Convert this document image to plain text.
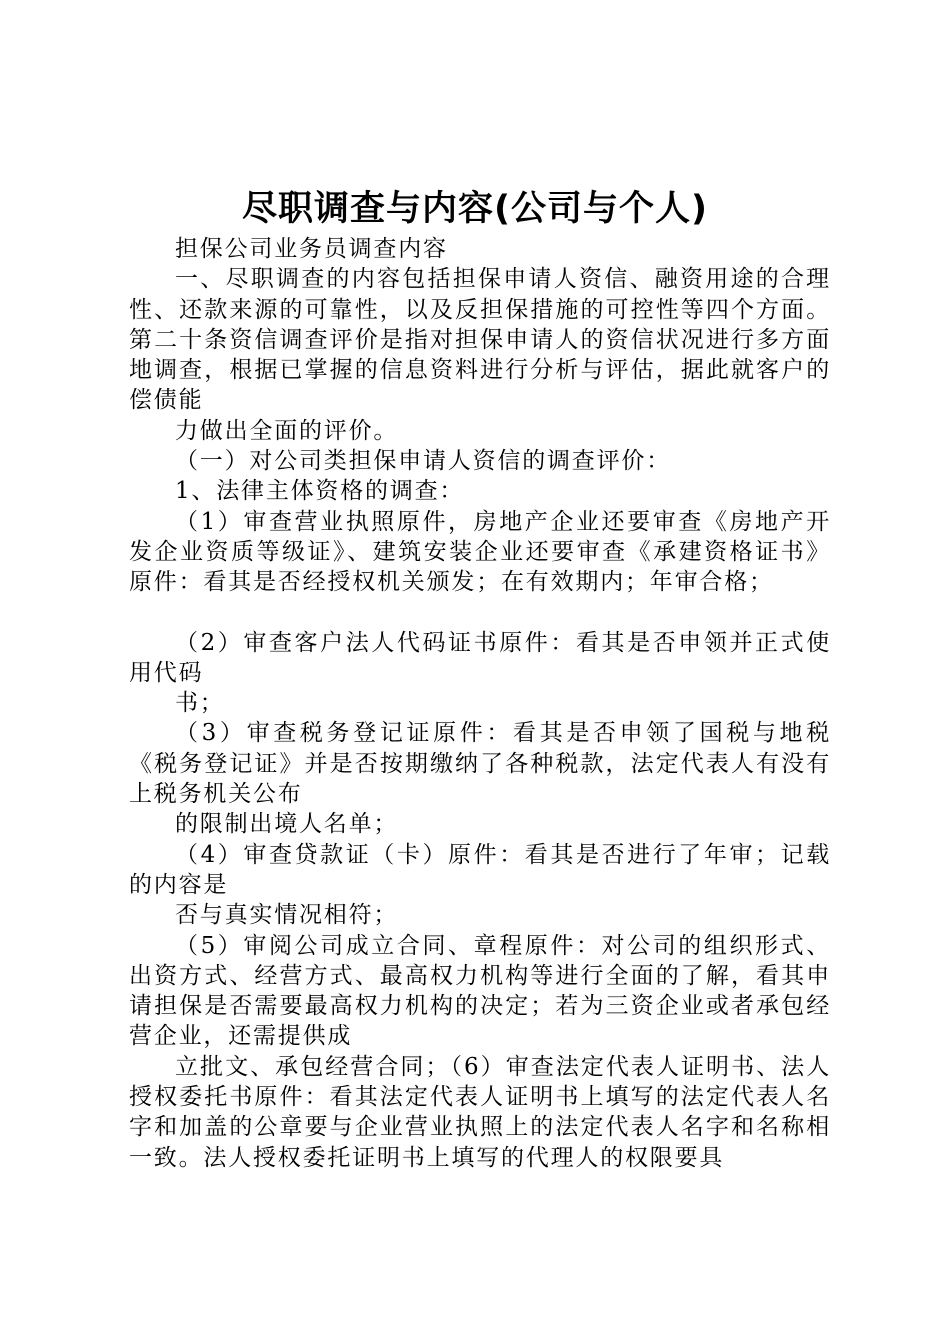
尽职调查与内容(公司与个人)

担保公司业务员调查内容

一、尽职调查的内容包括担保申请人资信、融资用途的合理性、还款来源的可靠性，以及反担保措施的可控性等四个方面。第二十条资信调查评价是指对担保申请人的资信状况进行多方面地调查，根据已掌握的信息资料进行分析与评估，据此就客户的偿债能

力做出全面的评价。

（一）对公司类担保申请人资信的调查评价：

1、法律主体资格的调查：

（1）审查营业执照原件，房地产企业还要审查《房地产开发企业资质等级证》、建筑安装企业还要审查《承建资格证书》原件：看其是否经授权机关颁发；在有效期内；年审合格；

（2）审查客户法人代码证书原件：看其是否申领并正式使用代码

书；

（3）审查税务登记证原件：看其是否申领了国税与地税《税务登记证》并是否按期缴纳了各种税款，法定代表人有没有上税务机关公布

的限制出境人名单；

（4）审查贷款证（卡）原件：看其是否进行了年审；记载的内容是

否与真实情况相符；

（5）审阅公司成立合同、章程原件：对公司的组织形式、出资方式、经营方式、最高权力机构等进行全面的了解，看其申请担保是否需要最高权力机构的决定；若为三资企业或者承包经营企业，还需提供成

立批文、承包经营合同；（6）审查法定代表人证明书、法人授权委托书原件：看其法定代表人证明书上填写的法定代表人名字和加盖的公章要与企业营业执照上的法定代表人名字和名称相一致。法人授权委托证明书上填写的代理人的权限要具
